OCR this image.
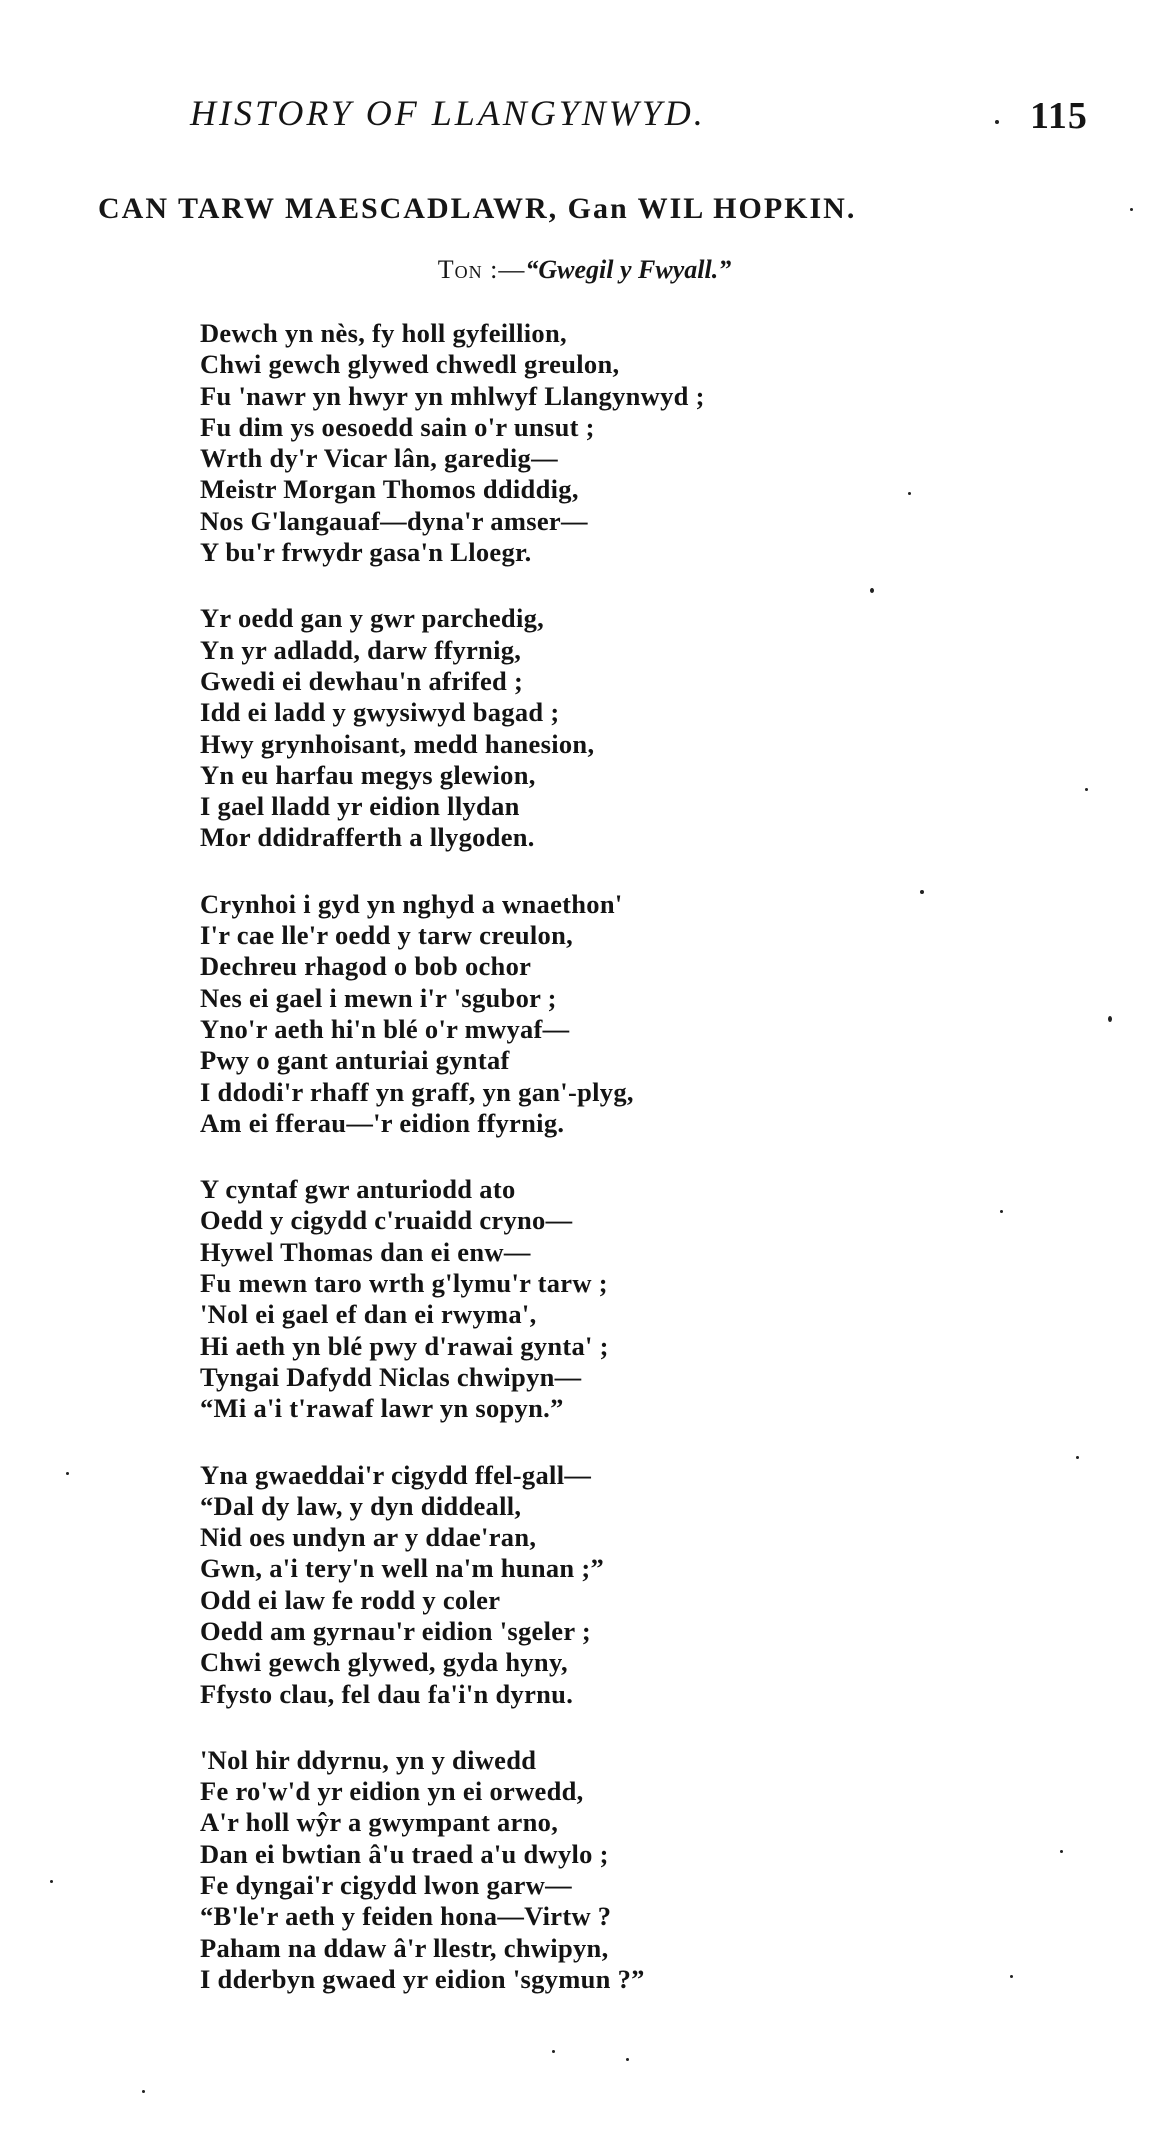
HISTORY OF LLANGYNWYD.	115
CAN TARW MAESCADLAWR, Gan WIL HOPKIN.
Ton :—“Gwegil y Fwyall.”
Dewch yn nès, fy holl gyfeillion,
Chwi gewch glywed chwedl greulon,
Fu 'nawr yn hwyr yn mhlwyf Llangynwyd ;
Fu dim ys oesoedd sain o'r unsut ;
Wrth dy'r Vicar lân, garedig—
Meistr Morgan Thomos ddiddig,
Nos G'langauaf—dyna'r amser—
Y bu'r frwydr gasa'n Lloegr.
Yr oedd gan y gwr parchedig,
Yn yr adladd, darw ffyrnig,
Gwedi ei dewhau'n afrifed ;
Idd ei ladd y gwysiwyd bagad ;
Hwy grynhoisant, medd hanesion,
Yn eu harfau megys glewion,
I gael lladd yr eidion llydan
Mor ddidrafferth a llygoden.
Crynhoi i gyd yn nghyd a wnaethon'
I'r cae lle'r oedd y tarw creulon,
Dechreu rhagod o bob ochor
Nes ei gael i mewn i'r 'sgubor ;
Yno'r aeth hi'n blé o'r mwyaf—
Pwy o gant anturiai gyntaf
I ddodi'r rhaff yn graff, yn gan'-plyg,
Am ei fferau—'r eidion ffyrnig.
Y cyntaf gwr anturiodd ato
Oedd y cigydd c'ruaidd cryno—
Hywel Thomas dan ei enw—
Fu mewn taro wrth g'lymu'r tarw ;
'Nol ei gael ef dan ei rwyma',
Hi aeth yn blé pwy d'rawai gynta' ;
Tyngai Dafydd Niclas chwipyn—
“Mi a'i t'rawaf lawr yn sopyn.”
Yna gwaeddai'r cigydd ffel-gall—
“Dal dy law, y dyn diddeall,
Nid oes undyn ar y ddae'ran,
Gwn, a'i tery'n well na'm hunan ;”
Odd ei law fe rodd y coler
Oedd am gyrnau'r eidion 'sgeler ;
Chwi gewch glywed, gyda hyny,
Ffysto clau, fel dau fa'i'n dyrnu.
'Nol hir ddyrnu, yn y diwedd
Fe ro'w'd yr eidion yn ei orwedd,
A'r holl wŷr a gwympant arno,
Dan ei bwtian â'u traed a'u dwylo ;
Fe dyngai'r cigydd lwon garw—
“B'le'r aeth y feiden hona—Virtw ?
Paham na ddaw â'r llestr, chwipyn,
I dderbyn gwaed yr eidion 'sgymun ?”
